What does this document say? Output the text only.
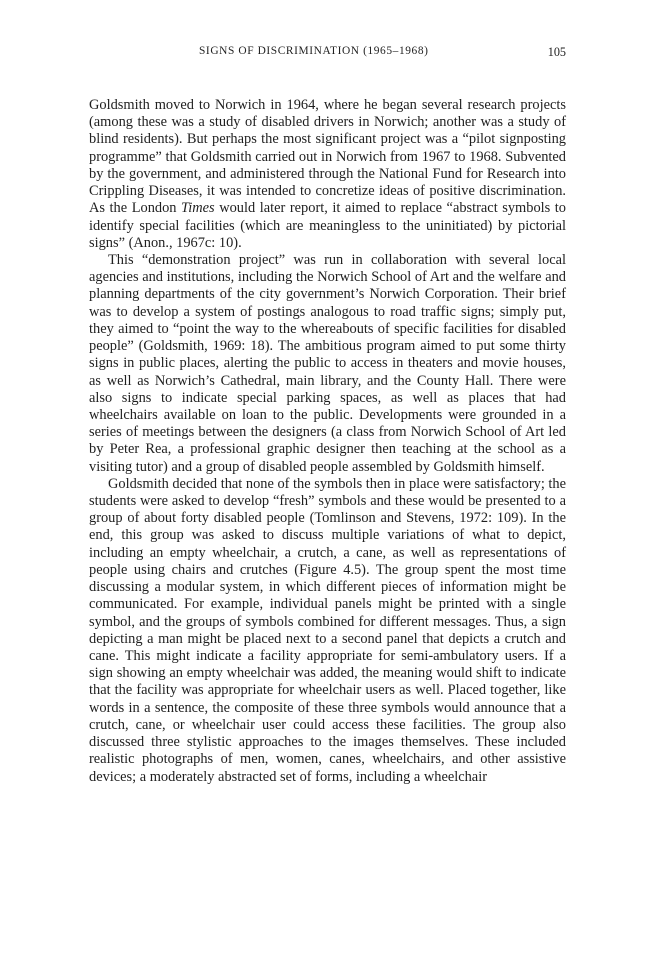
SIGNS OF DISCRIMINATION (1965–1968)	105

Goldsmith moved to Norwich in 1964, where he began several research projects (among these was a study of disabled drivers in Norwich; another was a study of blind residents). But perhaps the most significant project was a “pilot signposting programme” that Goldsmith carried out in Norwich from 1967 to 1968. Subvented by the government, and administered through the National Fund for Research into Crippling Diseases, it was intended to concretize ideas of positive discrimination. As the London Times would later report, it aimed to replace “abstract symbols to identify special facilities (which are meaningless to the uninitiated) by pictorial signs” (Anon., 1967c: 10).

This “demonstration project” was run in collaboration with several local agencies and institutions, including the Norwich School of Art and the welfare and planning departments of the city government’s Norwich Corporation. Their brief was to develop a system of postings analogous to road traffic signs; simply put, they aimed to “point the way to the whereabouts of specific facilities for disabled people” (Goldsmith, 1969: 18). The ambitious program aimed to put some thirty signs in public places, alerting the public to access in theaters and movie houses, as well as Norwich’s Cathedral, main library, and the County Hall. There were also signs to indicate special parking spaces, as well as places that had wheelchairs available on loan to the public. Developments were grounded in a series of meetings between the designers (a class from Norwich School of Art led by Peter Rea, a professional graphic designer then teaching at the school as a visiting tutor) and a group of disabled people assembled by Goldsmith himself.

Goldsmith decided that none of the symbols then in place were satisfactory; the students were asked to develop “fresh” symbols and these would be presented to a group of about forty disabled people (Tomlinson and Stevens, 1972: 109). In the end, this group was asked to discuss multiple variations of what to depict, including an empty wheelchair, a crutch, a cane, as well as representations of people using chairs and crutches (Figure 4.5). The group spent the most time discussing a modular system, in which different pieces of information might be communicated. For example, individual panels might be printed with a single symbol, and the groups of symbols combined for different messages. Thus, a sign depicting a man might be placed next to a second panel that depicts a crutch and cane. This might indicate a facility appropriate for semi-ambulatory users. If a sign showing an empty wheelchair was added, the meaning would shift to indicate that the facility was appropriate for wheelchair users as well. Placed together, like words in a sentence, the composite of these three symbols would announce that a crutch, cane, or wheelchair user could access these facilities. The group also discussed three stylistic approaches to the images themselves. These included realistic photographs of men, women, canes, wheelchairs, and other assistive devices; a moderately abstracted set of forms, including a wheelchair
